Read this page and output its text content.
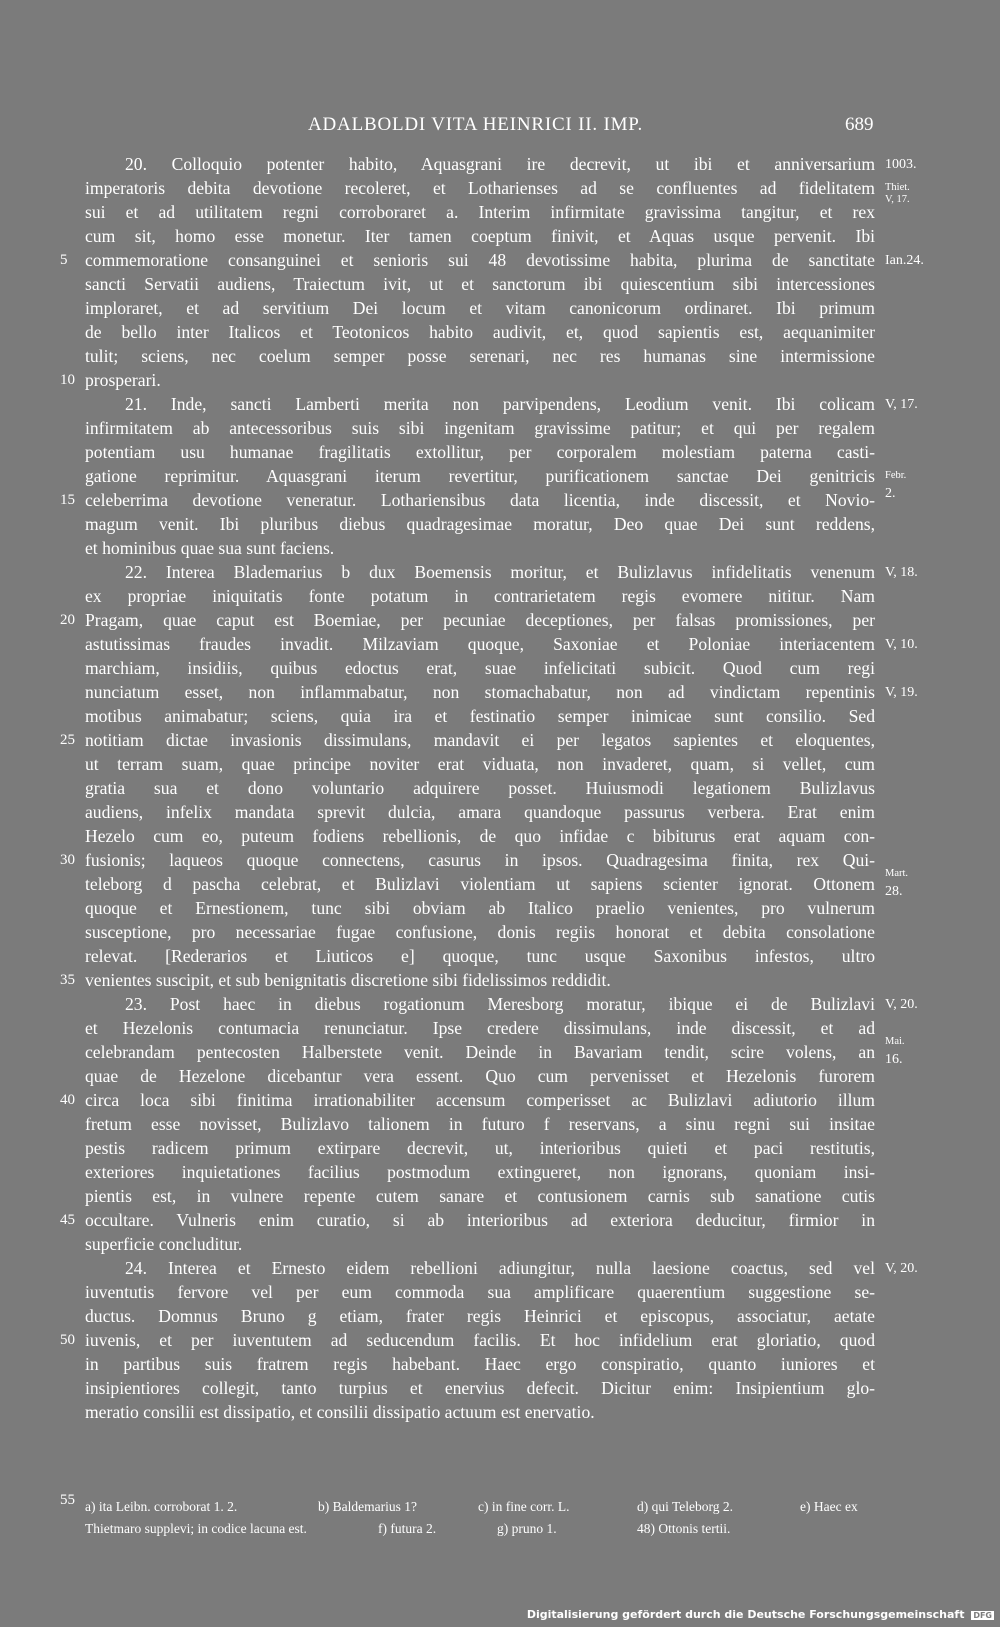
ADALBOLDI VITA HEINRICI II. IMP.	689
20. Colloquio potenter habito, Aquasgrani ire decrevit, ut ibi et anniversarium
imperatoris debita devotione recoleret, et Lotharienses ad se confluentes ad fidelitatem
sui et ad utilitatem regni corroboraret a. Interim infirmitate gravissima tangitur, et rex
cum sit, homo esse monetur. Iter tamen coeptum finivit, et Aquas usque pervenit. Ibi
commemoratione consanguinei et senioris sui 48 devotissime habita, plurima de sanctitate
sancti Servatii audiens, Traiectum ivit, ut et sanctorum ibi quiescentium sibi intercessiones
imploraret, et ad servitium Dei locum et vitam canonicorum ordinaret. Ibi primum
de bello inter Italicos et Teotonicos habito audivit, et, quod sapientis est, aequanimiter
tulit; sciens, nec coelum semper posse serenari, nec res humanas sine intermissione
prosperari.
21. Inde, sancti Lamberti merita non parvipendens, Leodium venit. Ibi colicam
infirmitatem ab antecessoribus suis sibi ingenitam gravissime patitur; et qui per regalem
potentiam usu humanae fragilitatis extollitur, per corporalem molestiam paterna casti-
gatione reprimitur. Aquasgrani iterum revertitur, purificationem sanctae Dei genitricis
celeberrima devotione veneratur. Lothariensibus data licentia, inde discessit, et Novio-
magum venit. Ibi pluribus diebus quadragesimae moratur, Deo quae Dei sunt reddens,
et hominibus quae sua sunt faciens.
22. Interea Blademarius b dux Boemensis moritur, et Bulizlavus infidelitatis venenum
ex propriae iniquitatis fonte potatum in contrarietatem regis evomere nititur. Nam
Pragam, quae caput est Boemiae, per pecuniae deceptiones, per falsas promissiones, per
astutissimas fraudes invadit. Milzaviam quoque, Saxoniae et Poloniae interiacentem
marchiam, insidiis, quibus edoctus erat, suae infelicitati subicit. Quod cum regi
nunciatum esset, non inflammabatur, non stomachabatur, non ad vindictam repentinis
motibus animabatur; sciens, quia ira et festinatio semper inimicae sunt consilio. Sed
notitiam dictae invasionis dissimulans, mandavit ei per legatos sapientes et eloquentes,
ut terram suam, quae principe noviter erat viduata, non invaderet, quam, si vellet, cum
gratia sua et dono voluntario adquirere posset. Huiusmodi legationem Bulizlavus
audiens, infelix mandata sprevit dulcia, amara quandoque passurus verbera. Erat enim
Hezelo cum eo, puteum fodiens rebellionis, de quo infidae c bibiturus erat aquam con-
fusionis; laqueos quoque connectens, casurus in ipsos. Quadragesima finita, rex Qui-
teleborg d pascha celebrat, et Bulizlavi violentiam ut sapiens scienter ignorat. Ottonem
quoque et Ernestionem, tunc sibi obviam ab Italico praelio venientes, pro vulnerum
susceptione, pro necessariae fugae confusione, donis regiis honorat et debita consolatione
relevat. [Rederarios et Liuticos e] quoque, tunc usque Saxonibus infestos, ultro
venientes suscipit, et sub benignitatis discretione sibi fidelissimos reddidit.
23. Post haec in diebus rogationum Meresborg moratur, ibique ei de Bulizlavi
et Hezelonis contumacia renunciatur. Ipse credere dissimulans, inde discessit, et ad
celebrandam pentecosten Halberstete venit. Deinde in Bavariam tendit, scire volens, an
quae de Hezelone dicebantur vera essent. Quo cum pervenisset et Hezelonis furorem
circa loca sibi finitima irrationabiliter accensum comperisset ac Bulizlavi adiutorio illum
fretum esse novisset, Bulizlavo talionem in futuro f reservans, a sinu regni sui insitae
pestis radicem primum extirpare decrevit, ut, interioribus quieti et paci restitutis,
exteriores inquietationes facilius postmodum extingueret, non ignorans, quoniam insi-
pientis est, in vulnere repente cutem sanare et contusionem carnis sub sanatione cutis
occultare. Vulneris enim curatio, si ab interioribus ad exteriora deducitur, firmior in
superficie concluditur.
24. Interea et Ernesto eidem rebellioni adiungitur, nulla laesione coactus, sed vel
iuventutis fervore vel per eum commoda sua amplificare quaerentium suggestione se-
ductus. Domnus Bruno g etiam, frater regis Heinrici et episcopus, associatur, aetate
iuvenis, et per iuventutem ad seducendum facilis. Et hoc infidelium erat gloriatio, quod
in partibus suis fratrem regis habebant. Haec ergo conspiratio, quanto iuniores et
insipientiores collegit, tanto turpius et enervius defecit. Dicitur enim: Insipientium glo-
meratio consilii est dissipatio, et consilii dissipatio actuum est enervatio.
5
10
15
20
25
30
35
40
45
50
1003.
Thiet.
V, 17.
Ian.24.
V, 17.
Febr.
2.
V, 18.
V, 10.
V, 19.
Mart.
28.
V, 20.
Mai.
16.
V, 20.
a) ita Leibn. corroborat 1. 2.	b) Baldemarius 1?	c) in fine corr. L.	d) qui Teleborg 2.	e) Haec ex
55
Thietmaro supplevi; in codice lacuna est.	f) futura 2.	g) pruno 1.	48) Ottonis tertii.
Digitalisierung gefördert durch die Deutsche Forschungsgemeinschaft DFG
